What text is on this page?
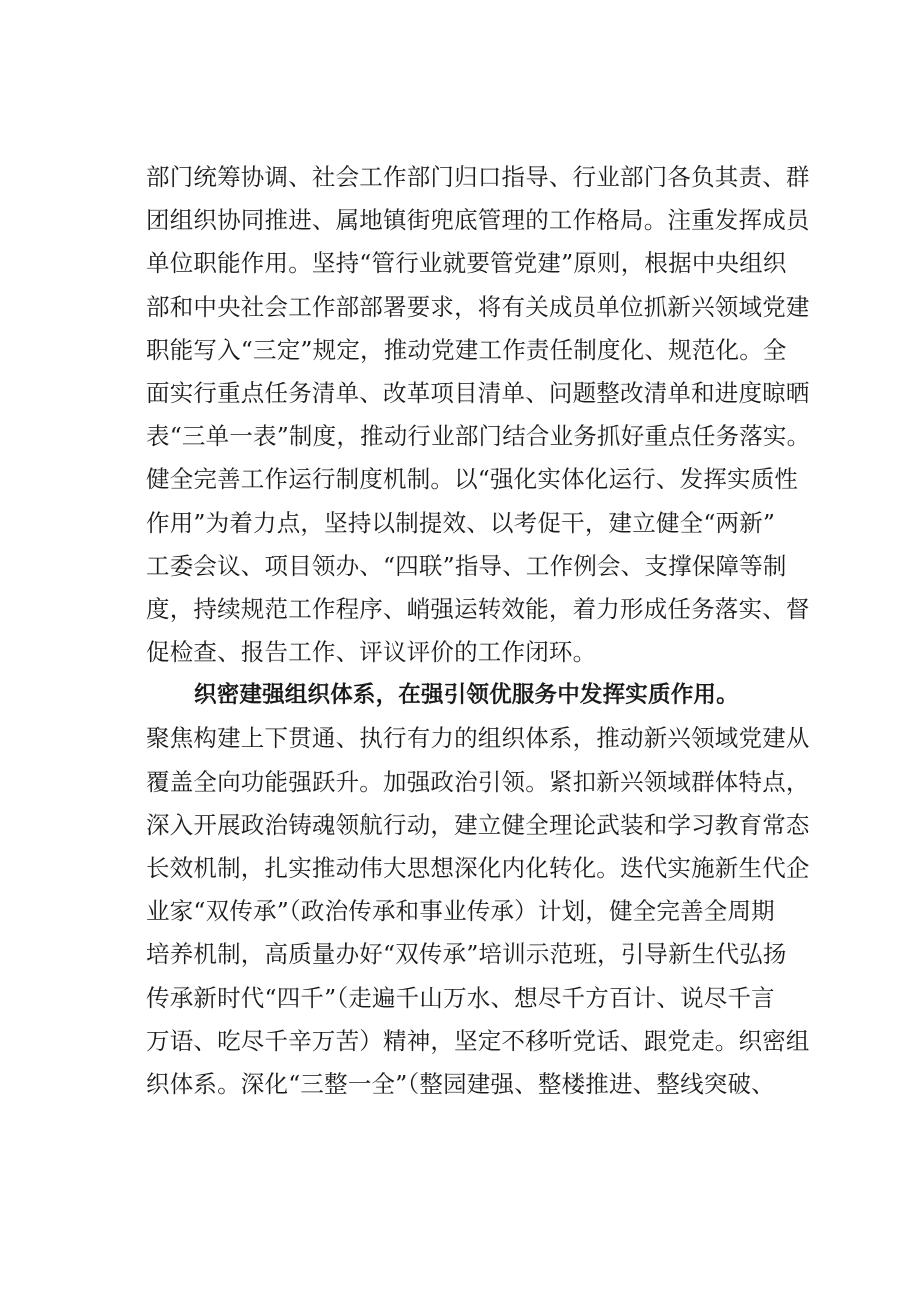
部门统筹协调、社会工作部门归口指导、行业部门各负其责、群
团组织协同推进、属地镇街兜底管理的工作格局。注重发挥成员
单位职能作用。坚持“管行业就要管党建”原则，根据中央组织
部和中央社会工作部部署要求，将有关成员单位抓新兴领域党建
职能写入“三定”规定，推动党建工作责任制度化、规范化。全
面实行重点任务清单、改革项目清单、问题整改清单和进度晾晒
表“三单一表”制度，推动行业部门结合业务抓好重点任务落实。
健全完善工作运行制度机制。以“强化实体化运行、发挥实质性
作用”为着力点，坚持以制提效、以考促干，建立健全“两新”
工委会议、项目领办、“四联”指导、工作例会、支撑保障等制
度，持续规范工作程序、峭强运转效能，着力形成任务落实、督
促检查、报告工作、评议评价的工作闭环。
织密建强组织体系，在强引领优服务中发挥实质作用。
聚焦构建上下贯通、执行有力的组织体系，推动新兴领域党建从
覆盖全向功能强跃升。加强政治引领。紧扣新兴领域群体特点，
深入开展政治铸魂领航行动，建立健全理论武装和学习教育常态
长效机制，扎实推动伟大思想深化内化转化。迭代实施新生代企
业家“双传承”（政治传承和事业传承）计划，健全完善全周期
培养机制，高质量办好“双传承”培训示范班，引导新生代弘扬
传承新时代“四千”（走遍千山万水、想尽千方百计、说尽千言
万语、吃尽千辛万苦）精神，坚定不移听党话、跟党走。织密组
织体系。深化“三整一全”（整园建强、整楼推进、整线突破、
